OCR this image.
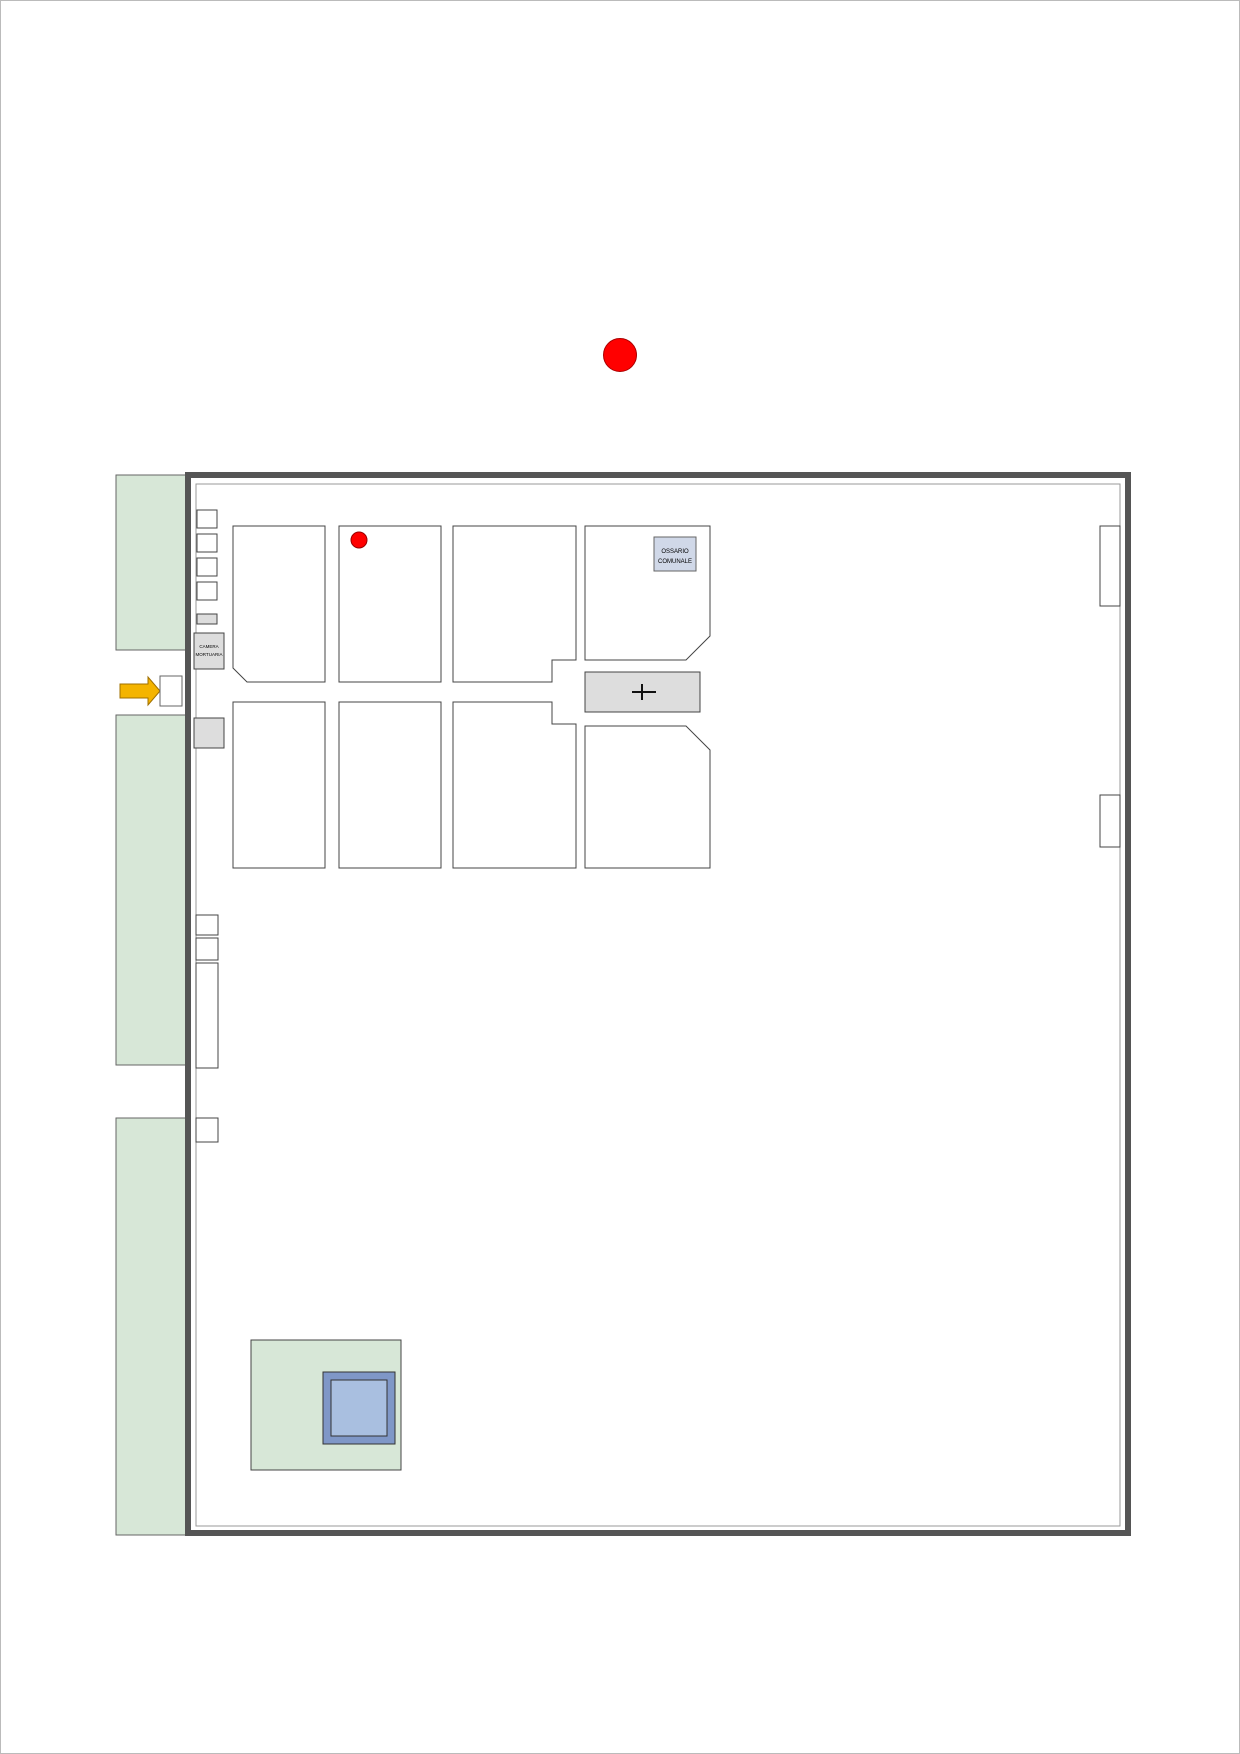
CAMERA
MORTUARIA
OSSARIO
COMUNALE
